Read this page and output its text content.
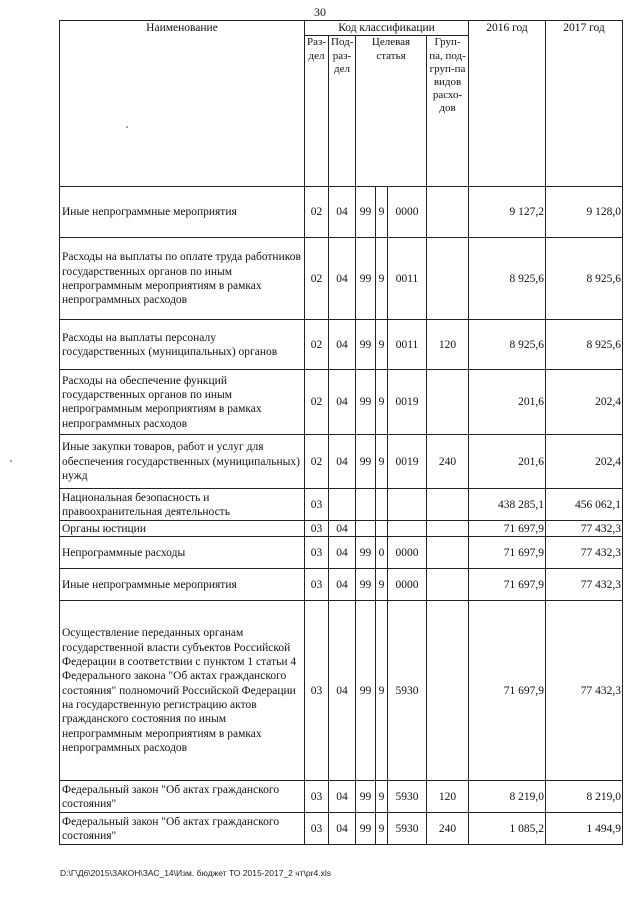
30
Наименование	Код классификации						2016 год	2017 год
	Раз-дел	Под-раз-дел	Целевая статья			Груп-па, под-груп-па видов расхо-дов		
Иные непрограммные мероприятия	02	04	99	9	0000		9 127,2	9 128,0
Расходы на выплаты по оплате труда работников государственных органов по иным непрограммным мероприятиям в рамках непрограммных расходов	02	04	99	9	0011		8 925,6	8 925,6
Расходы на выплаты персоналу государственных (муниципальных) органов	02	04	99	9	0011	120	8 925,6	8 925,6
Расходы на обеспечение функций государственных органов по иным непрограммным мероприятиям в рамках непрограммных расходов	02	04	99	9	0019		201,6	202,4
Иные закупки товаров, работ и услуг для обеспечения государственных (муниципальных) нужд	02	04	99	9	0019	240	201,6	202,4
Национальная безопасность и правоохранительная деятельность	03						438 285,1	456 062,1
Органы юстиции	03	04					71 697,9	77 432,3
Непрограммные расходы	03	04	99	0	0000		71 697,9	77 432,3
Иные непрограммные мероприятия	03	04	99	9	0000		71 697,9	77 432,3
Осуществление переданных органам государственной власти субъектов Российской Федерации в соответствии с пунктом 1 статьи 4 Федерального закона "Об актах гражданского состояния" полномочий Российской Федерации на государственную регистрацию актов гражданского состояния по иным непрограммным мероприятиям в рамках непрограммных расходов	03	04	99	9	5930		71 697,9	77 432,3
Федеральный закон "Об актах гражданского состояния"	03	04	99	9	5930	120	8 219,0	8 219,0
Федеральный закон "Об актах гражданского состояния"	03	04	99	9	5930	240	1 085,2	1 494,9
D:\Г\Д6\2015\ЗАКОН\ЗАС_14\Изм. бюджет ТО 2015-2017_2 чт\pr4.xls
